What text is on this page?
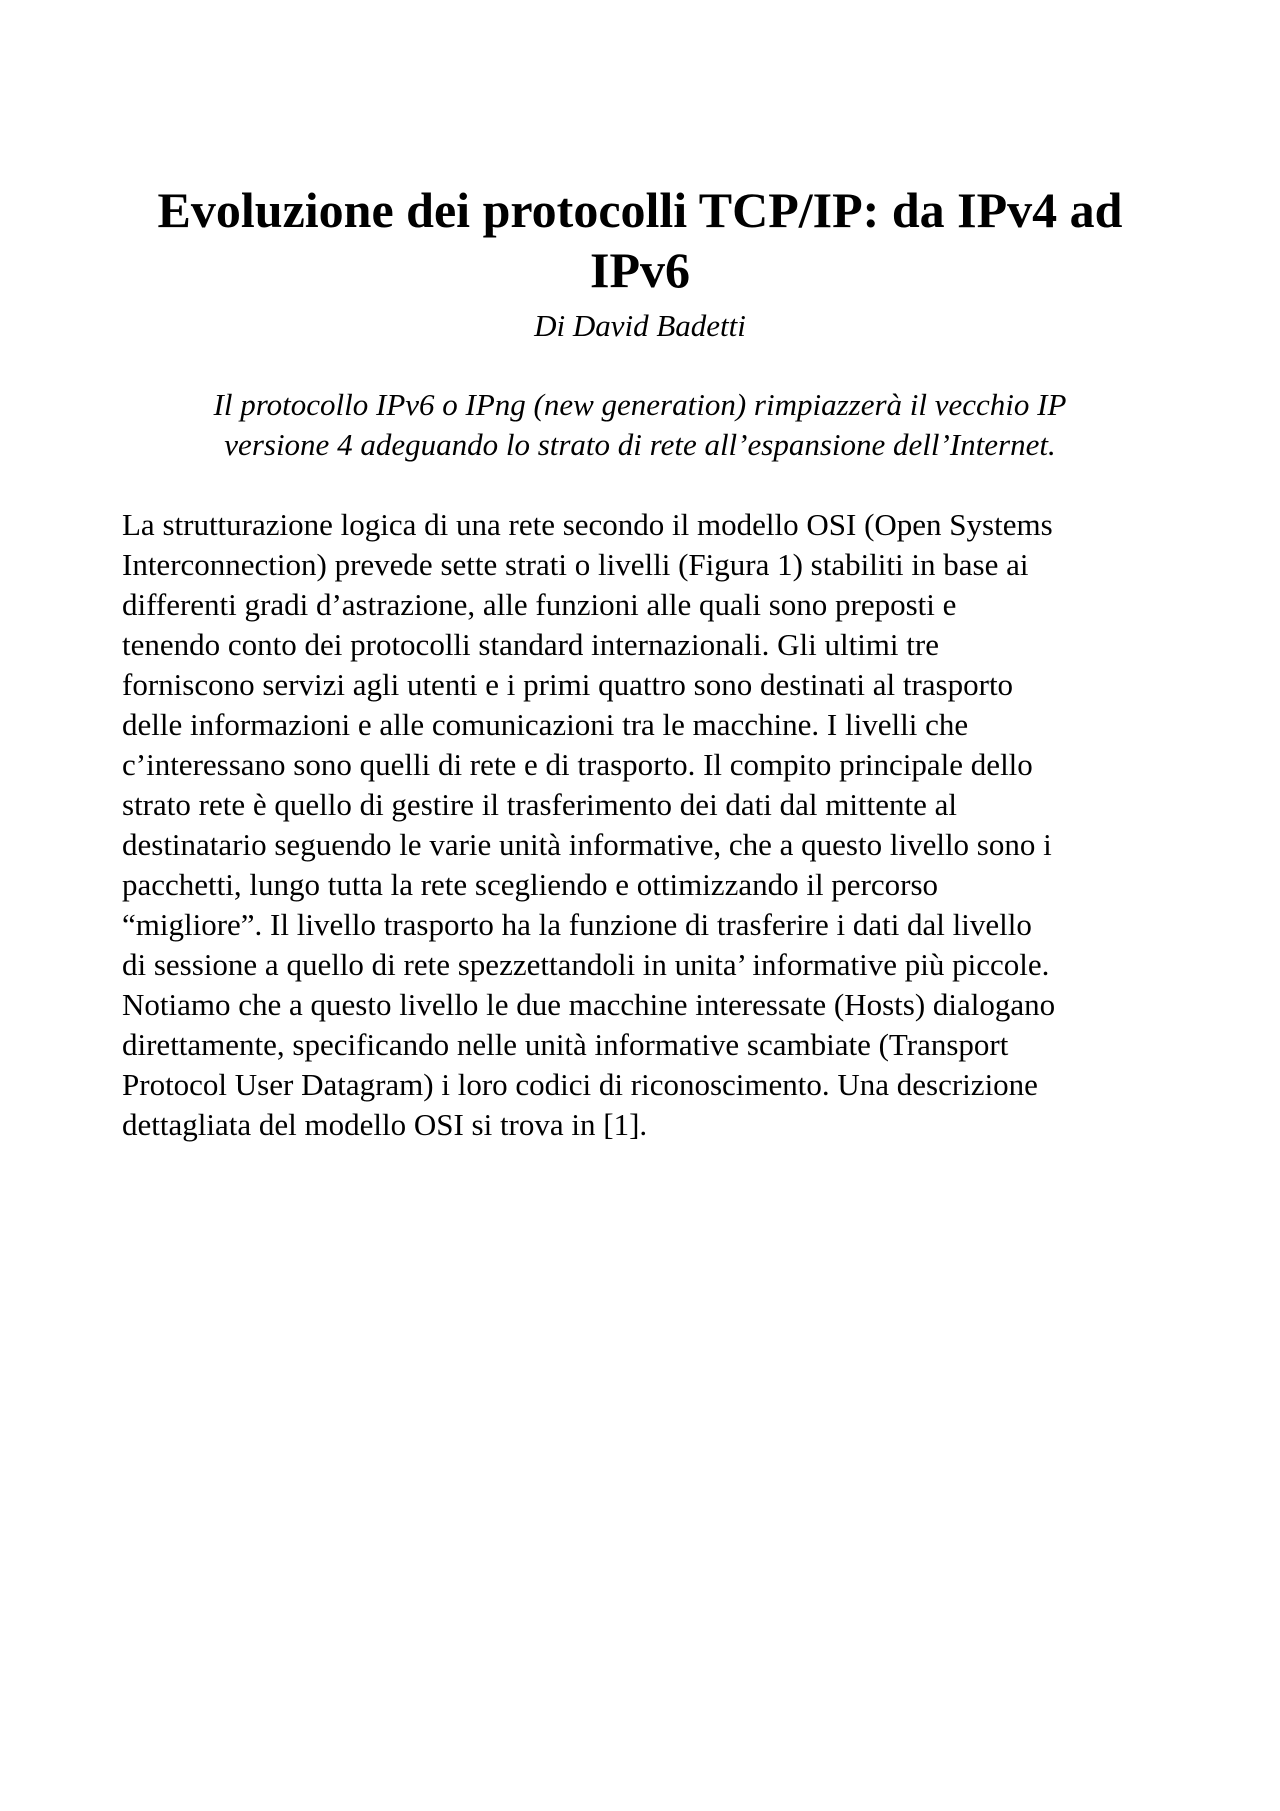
Evoluzione dei protocolli TCP/IP: da IPv4 ad
IPv6
Di David Badetti
Il protocollo IPv6 o IPng (new generation) rimpiazzerà il vecchio IP
versione 4 adeguando lo strato di rete all’espansione dell’Internet.
La strutturazione logica di una rete secondo il modello OSI (Open Systems
Interconnection) prevede sette strati o livelli (Figura 1) stabiliti in base ai
differenti gradi d’astrazione, alle funzioni alle quali sono preposti e
tenendo conto dei protocolli standard internazionali. Gli ultimi tre
forniscono servizi agli utenti e i primi quattro sono destinati al trasporto
delle informazioni e alle comunicazioni tra le macchine. I livelli che
c’interessano sono quelli di rete e di trasporto. Il compito principale dello
strato rete è quello di gestire il trasferimento dei dati dal mittente al
destinatario seguendo le varie unità informative, che a questo livello sono i
pacchetti, lungo tutta la rete scegliendo e ottimizzando il percorso
“migliore”. Il livello trasporto ha la funzione di trasferire i dati dal livello
di sessione a quello di rete spezzettandoli in unita’ informative più piccole.
Notiamo che a questo livello le due macchine interessate (Hosts) dialogano
direttamente, specificando nelle unità informative scambiate (Transport
Protocol User Datagram) i loro codici di riconoscimento. Una descrizione
dettagliata del modello OSI si trova in [1].
